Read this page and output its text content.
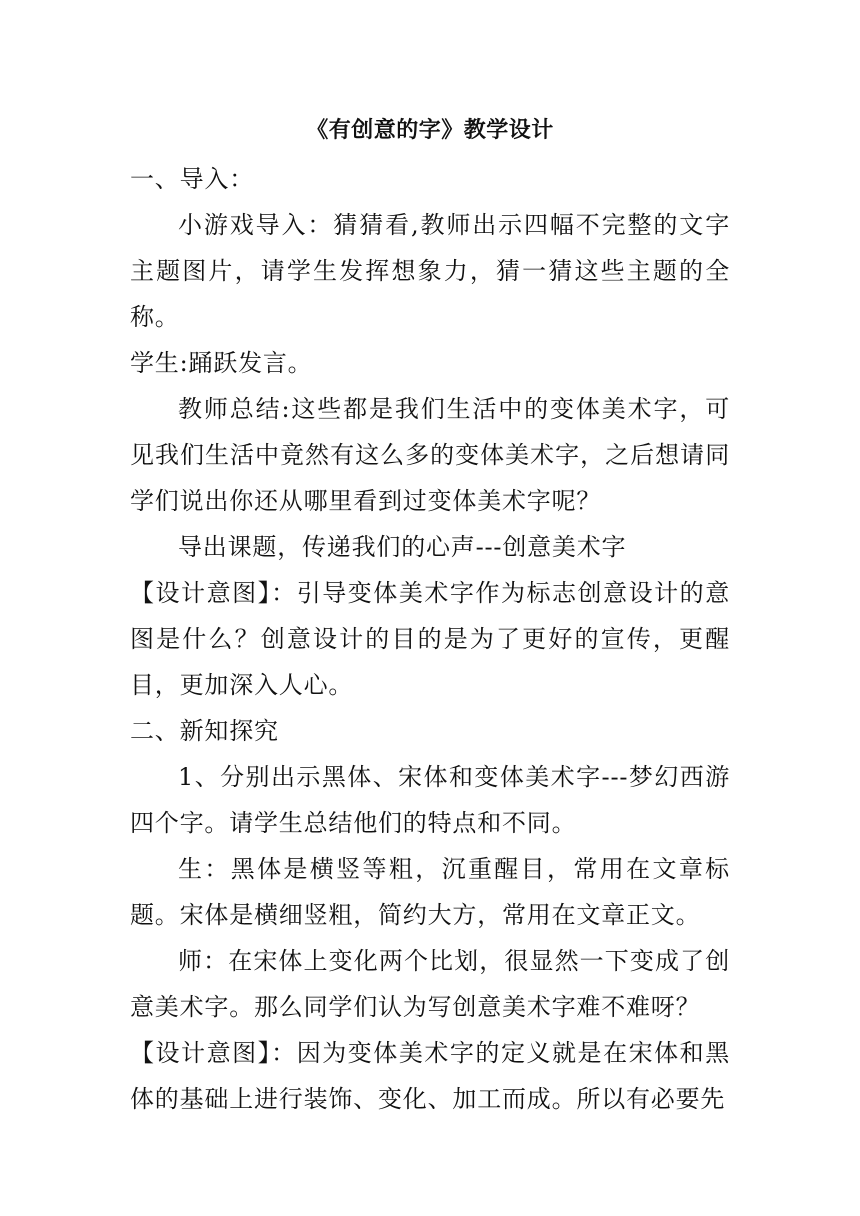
《有创意的字》教学设计

一、导入：

小游戏导入：猜猜看,教师出示四幅不完整的文字主题图片，请学生发挥想象力，猜一猜这些主题的全称。

学生:踊跃发言。

教师总结:这些都是我们生活中的变体美术字，可见我们生活中竟然有这么多的变体美术字，之后想请同学们说出你还从哪里看到过变体美术字呢？

导出课题，传递我们的心声---创意美术字

【设计意图】：引导变体美术字作为标志创意设计的意图是什么？创意设计的目的是为了更好的宣传，更醒目，更加深入人心。

二、新知探究

1、分别出示黑体、宋体和变体美术字---梦幻西游四个字。请学生总结他们的特点和不同。

生：黑体是横竖等粗，沉重醒目，常用在文章标题。宋体是横细竖粗，简约大方，常用在文章正文。

师：在宋体上变化两个比划，很显然一下变成了创意美术字。那么同学们认为写创意美术字难不难呀？

【设计意图】：因为变体美术字的定义就是在宋体和黑体的基础上进行装饰、变化、加工而成。所以有必要先
